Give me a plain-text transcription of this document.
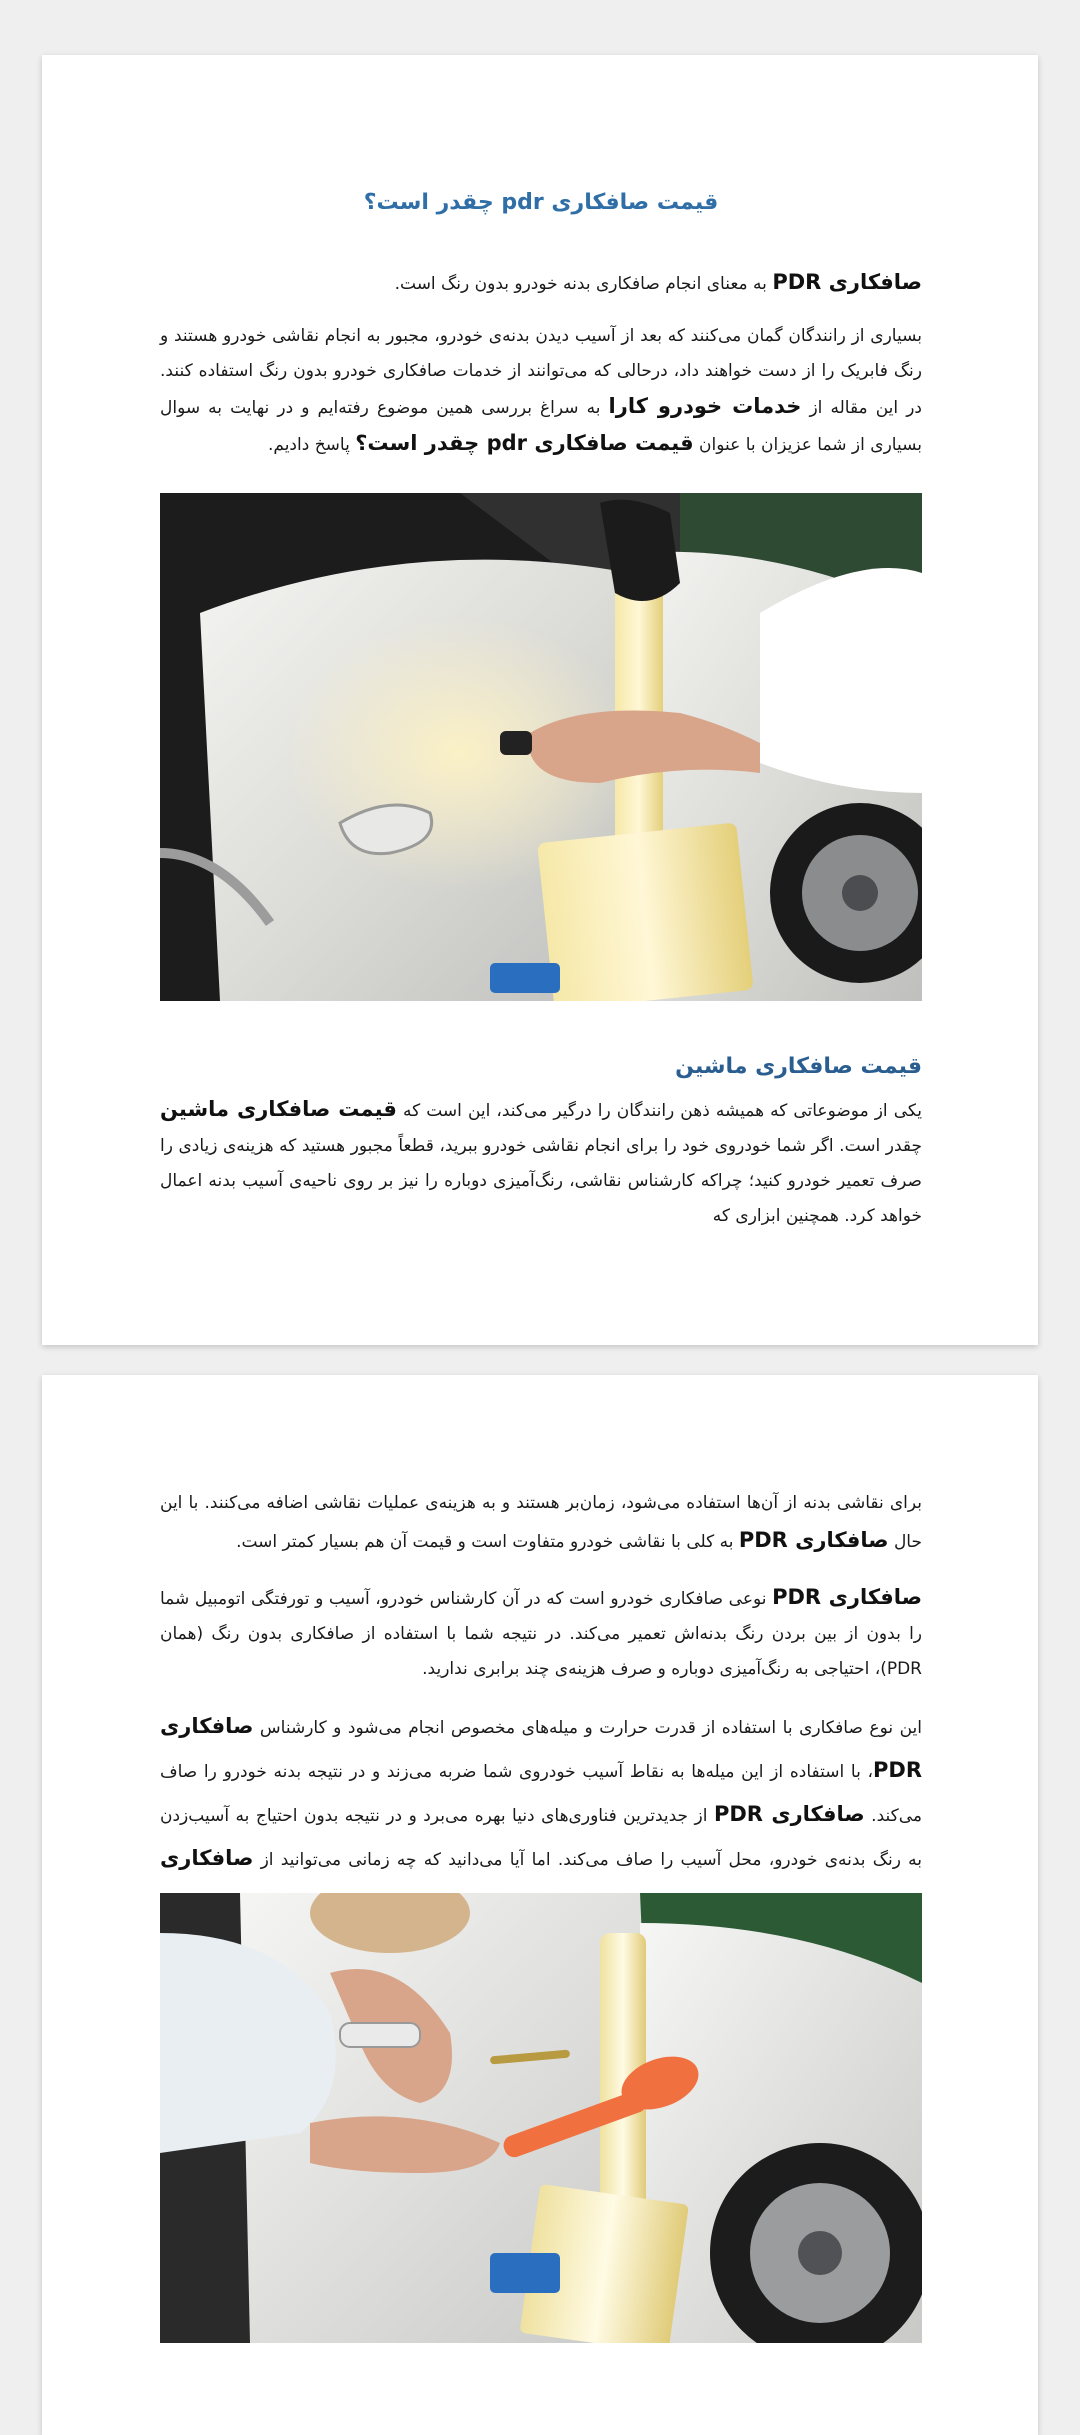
قیمت صافکاری pdr چقدر است؟

صافکاری PDR به معنای انجام صافکاری بدنه خودرو بدون رنگ است.

بسیاری از رانندگان گمان می‌کنند که بعد از آسیب دیدن بدنه‌ی خودرو، مجبور به انجام نقاشی خودرو هستند و رنگ فابریک را از دست خواهند داد، درحالی که می‌توانند از خدمات صافکاری خودرو بدون رنگ استفاده کنند. در این مقاله از خدمات خودرو کارا به سراغ بررسی همین موضوع رفته‌ایم و در نهایت به سوال بسیاری از شما عزیزان با عنوان قیمت صافکاری pdr چقدر است؟ پاسخ دادیم.

قیمت صافکاری ماشین

یکی از موضوعاتی که همیشه ذهن رانندگان را درگیر می‌کند، این است که قیمت صافکاری ماشین چقدر است. اگر شما خودروی خود را برای انجام نقاشی خودرو ببرید، قطعاً مجبور هستید که هزینه‌ی زیادی را صرف تعمیر خودرو کنید؛ چراکه کارشناس نقاشی، رنگ‌آمیزی دوباره را نیز بر روی ناحیه‌ی آسیب بدنه اعمال خواهد کرد. همچنین ابزاری که

برای نقاشی بدنه از آن‌ها استفاده می‌شود، زمان‌بر هستند و به هزینه‌ی عملیات نقاشی اضافه می‌کنند. با این حال صافکاری PDR به کلی با نقاشی خودرو متفاوت است و قیمت آن هم بسیار کمتر است.

صافکاری PDR نوعی صافکاری خودرو است که در آن کارشناس خودرو، آسیب و تورفتگی اتومبیل شما را بدون از بین بردن رنگ بدنه‌اش تعمیر می‌کند. در نتیجه شما با استفاده از صافکاری بدون رنگ (همان PDR)، احتیاجی به رنگ‌آمیزی دوباره و صرف هزینه‌ی چند برابری ندارید.

این نوع صافکاری با استفاده از قدرت حرارت و میله‌های مخصوص انجام می‌شود و کارشناس صافکاری PDR، با استفاده از این میله‌ها به نقاط آسیب خودروی شما ضربه می‌زند و در نتیجه بدنه خودرو را صاف می‌کند. صافکاری PDR از جدیدترین فناوری‌های دنیا بهره می‌برد و در نتیجه بدون احتیاج به آسیب‌زدن به رنگ بدنه‌ی خودرو، محل آسیب را صاف می‌کند. اما آیا می‌دانید که چه زمانی می‌توانید از صافکاری
